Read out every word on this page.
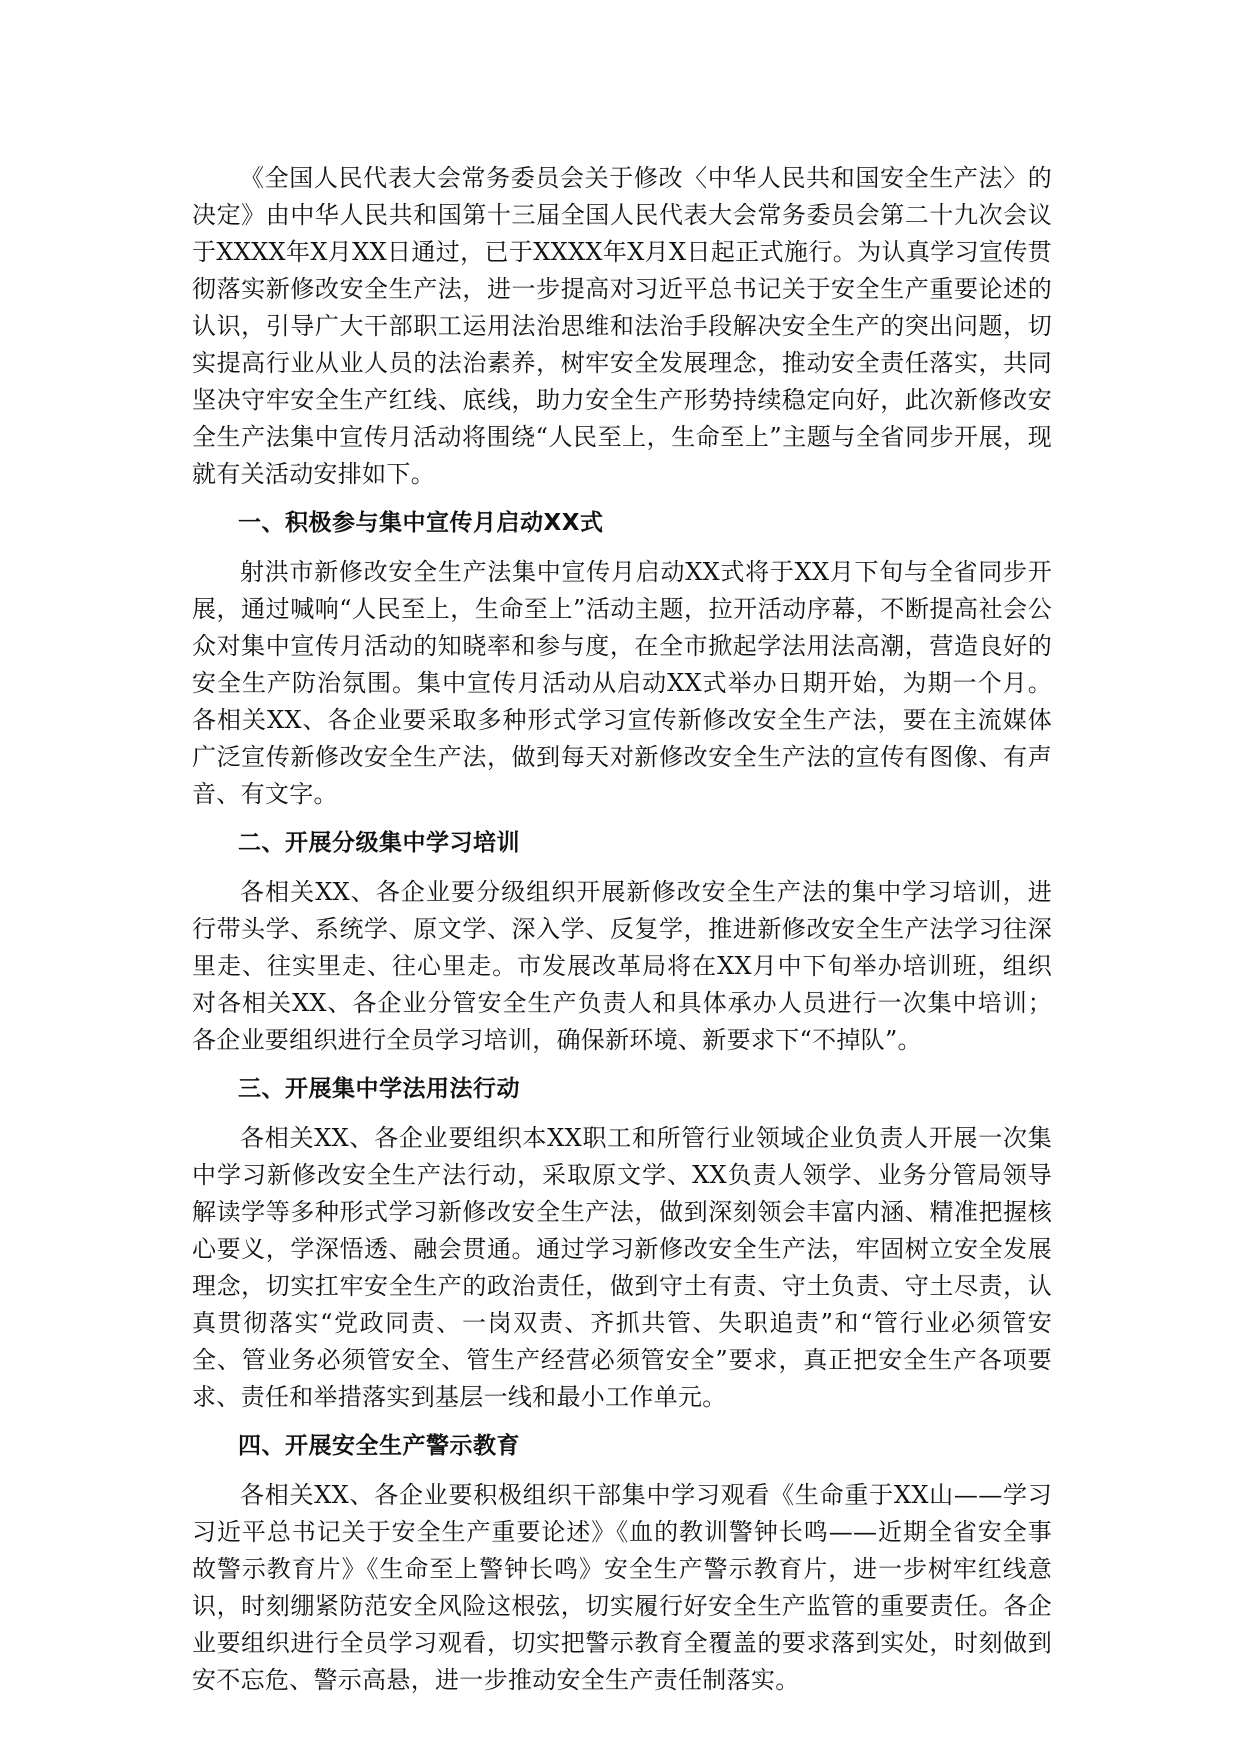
《全国人民代表大会常务委员会关于修改〈中华人民共和国安全生产法〉的决定》由中华人民共和国第十三届全国人民代表大会常务委员会第二十九次会议于XXXX年X月XX日通过，已于XXXX年X月X日起正式施行。为认真学习宣传贯彻落实新修改安全生产法，进一步提高对习近平总书记关于安全生产重要论述的认识，引导广大干部职工运用法治思维和法治手段解决安全生产的突出问题，切实提高行业从业人员的法治素养，树牢安全发展理念，推动安全责任落实，共同坚决守牢安全生产红线、底线，助力安全生产形势持续稳定向好，此次新修改安全生产法集中宣传月活动将围绕“人民至上，生命至上”主题与全省同步开展，现就有关活动安排如下。

一、积极参与集中宣传月启动XX式

射洪市新修改安全生产法集中宣传月启动XX式将于XX月下旬与全省同步开展，通过喊响“人民至上，生命至上”活动主题，拉开活动序幕，不断提高社会公众对集中宣传月活动的知晓率和参与度，在全市掀起学法用法高潮，营造良好的安全生产防治氛围。集中宣传月活动从启动XX式举办日期开始，为期一个月。各相关XX、各企业要采取多种形式学习宣传新修改安全生产法，要在主流媒体广泛宣传新修改安全生产法，做到每天对新修改安全生产法的宣传有图像、有声音、有文字。

二、开展分级集中学习培训

各相关XX、各企业要分级组织开展新修改安全生产法的集中学习培训，进行带头学、系统学、原文学、深入学、反复学，推进新修改安全生产法学习往深里走、往实里走、往心里走。市发展改革局将在XX月中下旬举办培训班，组织对各相关XX、各企业分管安全生产负责人和具体承办人员进行一次集中培训；各企业要组织进行全员学习培训，确保新环境、新要求下“不掉队”。

三、开展集中学法用法行动

各相关XX、各企业要组织本XX职工和所管行业领域企业负责人开展一次集中学习新修改安全生产法行动，采取原文学、XX负责人领学、业务分管局领导解读学等多种形式学习新修改安全生产法，做到深刻领会丰富内涵、精准把握核心要义，学深悟透、融会贯通。通过学习新修改安全生产法，牢固树立安全发展理念，切实扛牢安全生产的政治责任，做到守土有责、守土负责、守土尽责，认真贯彻落实“党政同责、一岗双责、齐抓共管、失职追责”和“管行业必须管安全、管业务必须管安全、管生产经营必须管安全”要求，真正把安全生产各项要求、责任和举措落实到基层一线和最小工作单元。

四、开展安全生产警示教育

各相关XX、各企业要积极组织干部集中学习观看《生命重于XX山——学习习近平总书记关于安全生产重要论述》《血的教训警钟长鸣——近期全省安全事故警示教育片》《生命至上警钟长鸣》安全生产警示教育片，进一步树牢红线意识，时刻绷紧防范安全风险这根弦，切实履行好安全生产监管的重要责任。各企业要组织进行全员学习观看，切实把警示教育全覆盖的要求落到实处，时刻做到安不忘危、警示高悬，进一步推动安全生产责任制落实。
